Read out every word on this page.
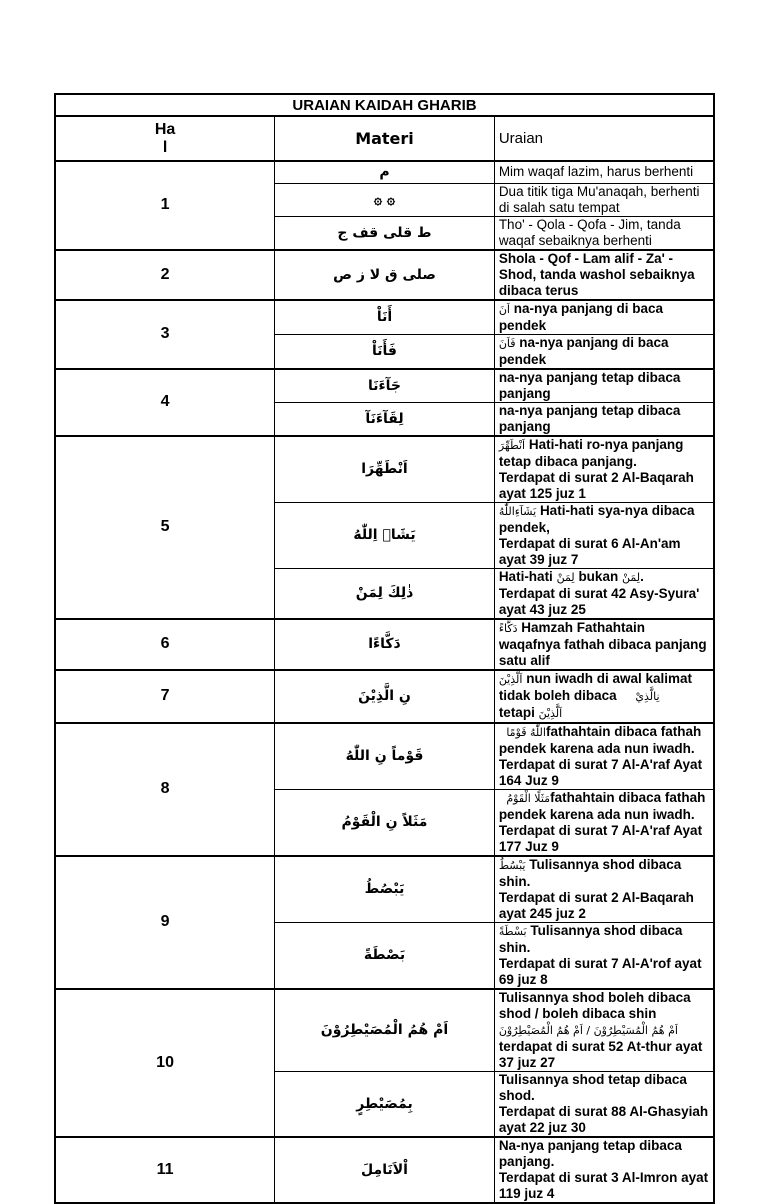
URAIAN KAIDAH GHARIB		
Ha
l	Materi	Uraian
1	م	Mim waqaf lazim, harus berhenti
	۞ ۞	Dua titik tiga Mu'anaqah, berhenti di salah satu tempat
	ط قلى قف ج	Tho' - Qola - Qofa - Jim, tanda waqaf sebaiknya berhenti
2	صلى ق لا ز ص	Shola - Qof - Lam alif - Za' - Shod, tanda washol sebaiknya dibaca terus
3	أَنَاْ	اَنَ na-nya panjang di baca pendek
	فَأَنَاْ	فَاَنَ na-nya panjang di baca pendek
4	جَآءَنَا	na-nya panjang tetap dibaca panjang
	لِقَآءَنَآ	na-nya panjang tetap dibaca panjang
5	اَنْطَهِّرَا	اَنْطَهِّرَ Hati-hati ro-nya panjang tetap dibaca panjang.
Terdapat di surat 2 Al-Baqarah ayat 125 juz 1
	يَشَاۤ اِللّٰهُ	يَشَآءِاللّٰهُ Hati-hati sya-nya dibaca pendek,
Terdapat di surat 6 Al-An'am ayat 39 juz 7
	ذٰلِكَ لِمَنْ	Hati-hati لِمَنْ bukan لِمَنْ.
Terdapat di surat 42 Asy-Syura' ayat 43 juz 25
6	دَكَّاءًا	دَكَّاءً Hamzah Fathahtain waqafnya fathah dibaca panjang satu alif
7	نِ الَّذِيْنَ	اَلَّذِيْنَ nun iwadh di awal kalimat tidak boleh dibaca نِالَّذِيْ
tetapi اَلَّذِيْنَ
8	قَوْماً نِ اللّٰهُ	اللّٰهُ قَوْمًاfathahtain dibaca fathah pendek karena ada nun iwadh.
Terdapat di surat 7 Al-A'raf Ayat 164 Juz 9
	مَثَلاً نِ الْقَوْمُ	مَثَلًا الْقَوْمُfathahtain dibaca fathah pendek karena ada nun iwadh.
Terdapat di surat 7 Al-A'raf Ayat 177 Juz 9
9	يَبْصُطُ	يَبْسُطُ Tulisannya shod dibaca shin.
Terdapat di surat 2 Al-Baqarah ayat 245 juz 2
	بَصْطَةً	بَسْطَةً Tulisannya shod dibaca shin.
Terdapat di surat 7 Al-A'rof ayat 69 juz 8
10	اَمْ هُمُ الْمُصَيْطِرُوْنَ	Tulisannya shod boleh dibaca shod / boleh dibaca shin
اَمْ هُمُ الْمُسَيْطِرُوْنَ / اَمْ هُمُ الْمُصَيْطِرُوْنَ
terdapat di surat 52 At-thur ayat 37 juz 27
	بِمُصَيْطِرٍ	Tulisannya shod tetap dibaca shod.
Terdapat di surat 88 Al-Ghasyiah ayat 22 juz 30
11	اْلاَنَامِلَ	Na-nya panjang tetap dibaca panjang.
Terdapat di surat 3 Al-Imron ayat 119 juz 4
